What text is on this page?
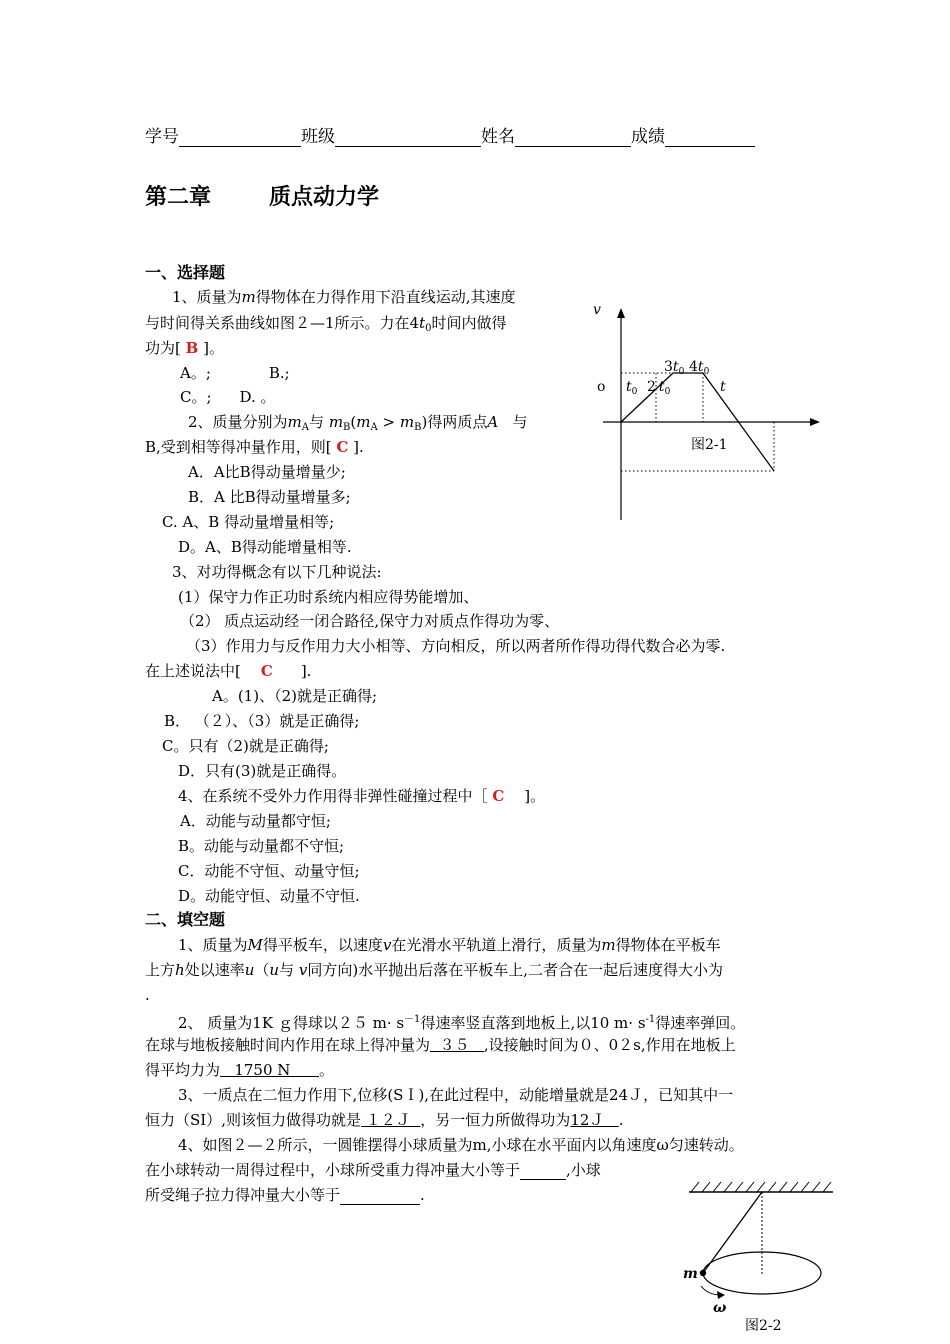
学号	班级	姓名	成绩
第二章	质点动力学
一、选择题
1、质量为m得物体在力得作用下沿直线运动,其速度
与时间得关系曲线如图２—1所示。力在$4t_0$时间内做得
功为[ B ]。
A。;	B.;
C。; D. 。
2、质量分别为$m_A$与 $m_B(m_A > m_B)$得两质点A 与
B,受到相等得冲量作用，则[ C ].
A．A比B得动量增量少;
B．A 比B得动量增量多;
C. A、B 得动量增量相等;
D。A、B得动能增量相等.
3、对功得概念有以下几种说法:
(1）保守力作正功时系统内相应得势能增加、
（2） 质点运动经一闭合路径,保守力对质点作得功为零、
（3）作用力与反作用力大小相等、方向相反，所以两者所作得功得代数合必为零.
在上述说法中[ C ].
A。(1)、（2)就是正确得;
B． （２）、（3）就是正确得;
C。只有（2)就是正确得;
D．只有(3)就是正确得。
4、在系统不受外力作用得非弹性碰撞过程中［ C ]。
A．动能与动量都守恒;
B。动能与动量都不守恒;
C．动能不守恒、动量守恒;
D。动能守恒、动量不守恒.
二、填空题
1、质量为M得平板车，以速度v在光滑水平轨道上滑行，质量为m得物体在平板车
上方h处以速率u（u与 v同方向)水平抛出后落在平板车上,二者合在一起后速度得大小为
.
2、 质量为1K ｇ得球以２５ $m\cdot s^{-1}$得速率竖直落到地板上,以10 $m\cdot s^{-1}$得速率弹回。
在球与地板接触时间内作用在球上得冲量为  ３５   ,设接触时间为０、0２s,作用在地板上
得平均力为   1750 N      。
3、一质点在二恒力作用下,位移(SＩ),在此过程中，动能增量就是24Ｊ，已知其中一
恒力（SI）,则该恒力做得功就是 １２Ｊ  ，另一恒力所做得功为12Ｊ   .
4、如图２—２所示，一圆锥摆得小球质量为m,小球在水平面内以角速度ω匀速转动。
在小球转动一周得过程中，小球所受重力得冲量大小等于	,小球
所受绳子拉力得冲量大小等于	.
v
o $t_0$ 2 $t_0$
$3t_0$ $4t_0$
t
图2-1
m
ω
图2-2
